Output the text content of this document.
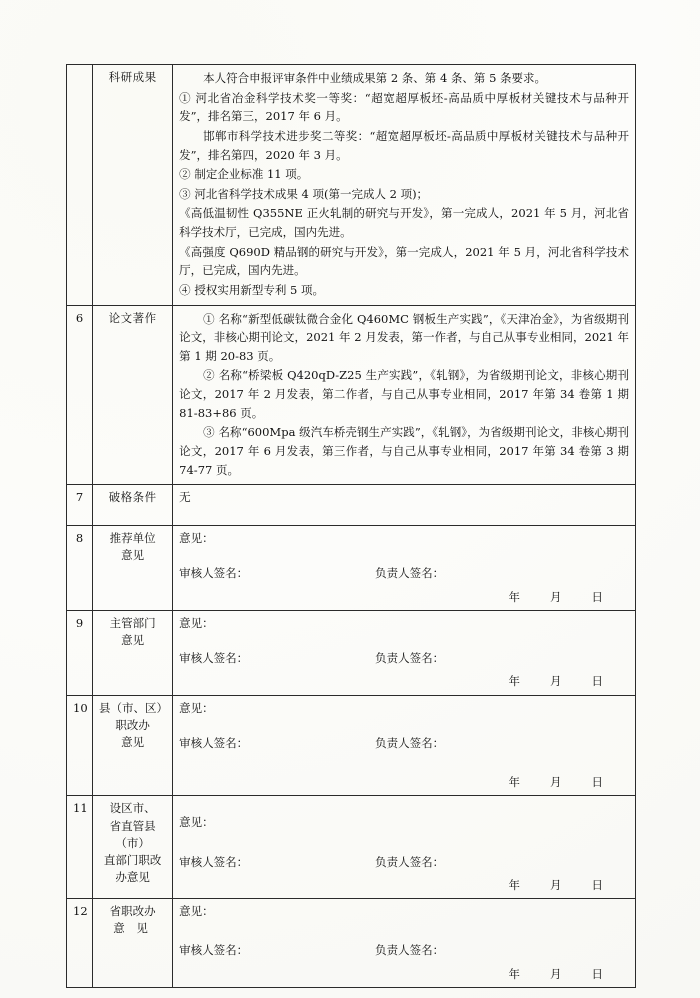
	科研成果	本人符合申报评审条件中业绩成果第 2 条、第 4 条、第 5 条要求。

① 河北省冶金科学技术奖一等奖：“超宽超厚板坯-高品质中厚板材关键技术与品种开发”，排名第三，2017 年 6 月。

邯郸市科学技术进步奖二等奖：“超宽超厚板坯-高品质中厚板材关键技术与品种开发”，排名第四，2020 年 3 月。

② 制定企业标准 11 项。

③ 河北省科学技术成果 4 项(第一完成人 2 项)；

《高低温韧性 Q355NE 正火轧制的研究与开发》，第一完成人，2021 年 5 月，河北省科学技术厅，已完成，国内先进。

《高强度 Q690D 精品钢的研究与开发》，第一完成人，2021 年 5 月，河北省科学技术厅，已完成，国内先进。

④ 授权实用新型专利 5 项。

6	论文著作	① 名称“新型低碳钛微合金化 Q460MC 钢板生产实践”，《天津冶金》，为省级期刊论文，非核心期刊论文，2021 年 2 月发表，第一作者，与自己从事专业相同，2021 年第 1 期 20-83 页。

② 名称“桥梁板 Q420qD-Z25 生产实践”，《轧钢》，为省级期刊论文，非核心期刊论文，2017 年 2 月发表，第二作者，与自己从事专业相同，2017 年第 34 卷第 1 期 81-83+86 页。

③ 名称“600Mpa 级汽车桥壳钢生产实践”，《轧钢》，为省级期刊论文，非核心期刊论文，2017 年 6 月发表，第三作者，与自己从事专业相同，2017 年第 34 卷第 3 期 74-77 页。

7	破格条件	无
8	推荐单位
意见

意见：

审核人签名：	负责人签名：
年	月	日

9	主管部门
意见

意见：

审核人签名：	负责人签名：
年	月	日

10	县（市、区）
职改办
意见

意见：

审核人签名：	负责人签名：
年	月	日

11	设区市、
省直管县
（市）
直部门职改
办意见

意见：

审核人签名：	负责人签名：
年	月	日

12	省职改办
意 见

意见：

审核人签名：	负责人签名：
年	月	日
